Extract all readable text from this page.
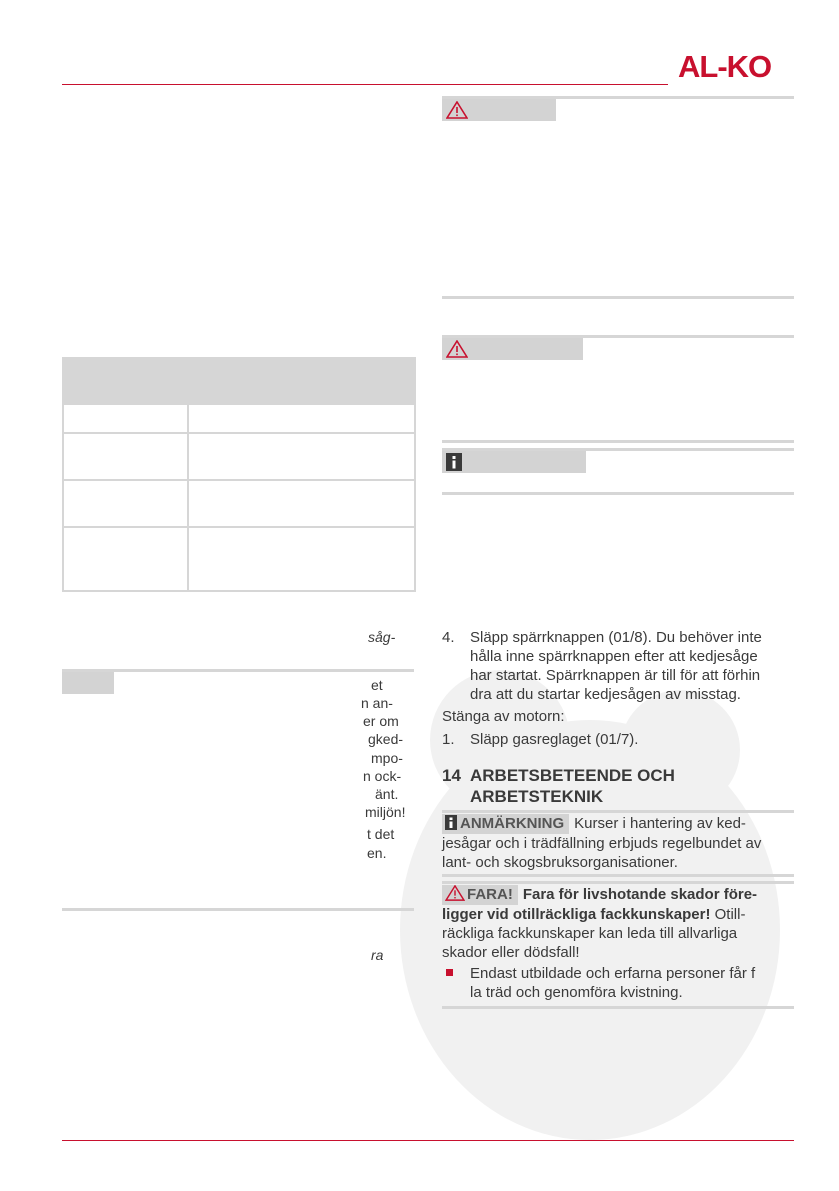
AL-KO

såg-
et
n an-
er om
gked-
mpo-
n ock-
änt.
miljön!
t det
en.
ra
4. Släpp spärrknappen (01/8). Du behöver inte
hålla inne spärrknappen efter att kedjesåge
har startat. Spärrknappen är till för att förhin
dra att du startar kedjesågen av misstag.
Stänga av motorn:
1. Släpp gasreglaget (01/7).
14 ARBETSBETEENDE OCH
ARBETSTEKNIK
ANMÄRKNING Kurser i hantering av ked-
jesågar och i trädfällning erbjuds regelbundet av
lant- och skogsbruksorganisationer.
FARA! Fara för livshotande skador före-
ligger vid otillräckliga fackkunskaper! Otill-
räckliga fackkunskaper kan leda till allvarliga
skador eller dödsfall!
Endast utbildade och erfarna personer får f
la träd och genomföra kvistning.
